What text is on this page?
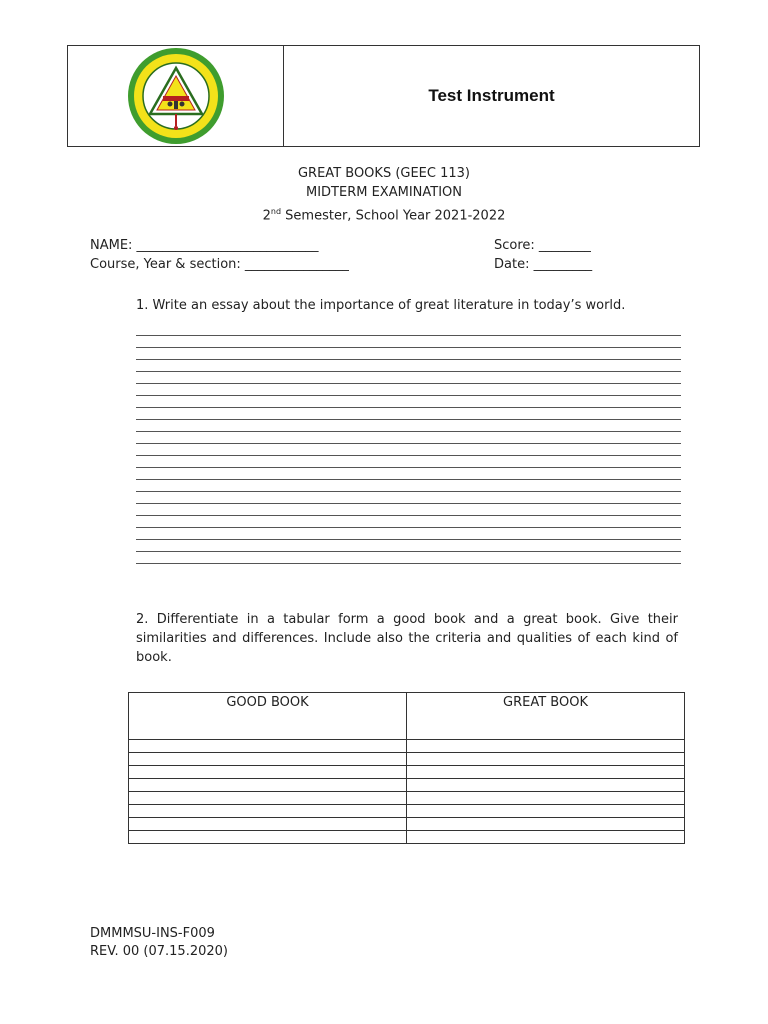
Test Instrument
GREAT BOOKS (GEEC 113)
MIDTERM EXAMINATION
2nd Semester, School Year 2021-2022
NAME: ____________________________	Score: ________
Course, Year & section: ________________	Date: _________
1. Write an essay about the importance of great literature in today’s world.
2. Differentiate in a tabular form a good book and a great book. Give their similarities and differences. Include also the criteria and qualities of each kind of book.
GOOD BOOK	GREAT BOOK

DMMMSU-INS-F009
REV. 00 (07.15.2020)
